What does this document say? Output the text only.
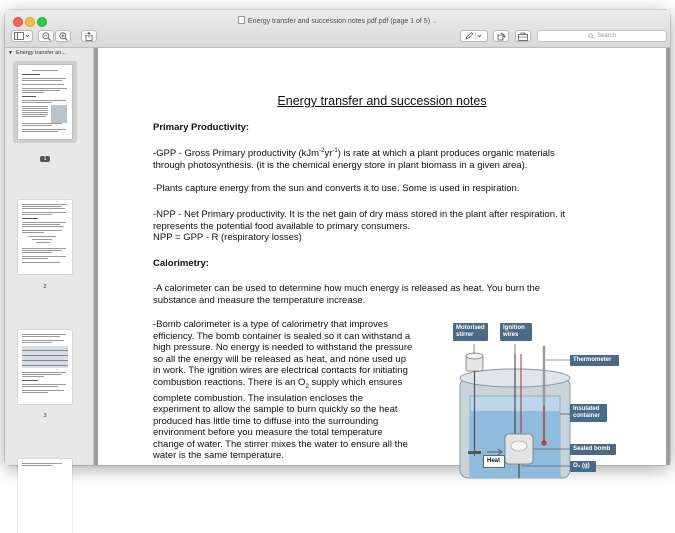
Energy transfer and succession notes pdf.pdf (page 1 of 5) ⌄
Search
▼ Energy transfer an...
1
2
3
Energy transfer and succession notes
Primary Productivity:
-GPP - Gross Primary productivity $(kJm^{-2}yr^{-1})$ is rate at which a plant produces organic materials
through photosynthesis. (it is the chemical energy store in plant biomass in a given area).
-Plants capture energy from the sun and converts it to use. Some is used in respiration.
-NPP - Net Primary productivity. It is the net gain of dry mass stored in the plant after respiration. it
represents the potential food available to primary consumers.
NPP = GPP - R (respiratory losses)
Calorimetry:
-A calorimeter can be used to determine how much energy is released as heat. You burn the
substance and measure the temperature increase.
-Bomb calorimeter is a type of calorimetry that improves
efficiency. The bomb container is sealed so it can withstand a
high pressure. No energy is needed to withstand the pressure
so all the energy will be released as heat, and none used up
in work. The ignition wires are electrical contacts for initiating
combustion reactions. There is an $O_2$ supply which ensures
complete combustion. The insulation encloses the
experiment to allow the sample to burn quickly so the heat
produced has little time to diffuse into the surrounding
environment before you measure the total temperature
change of water. The stirrer mixes the water to ensure all the
water is the same temperature.
Motorised stirrer
Ignition wires
Thermometer
Insulated container
Heat
Sealed bomb
O₂ (g)
